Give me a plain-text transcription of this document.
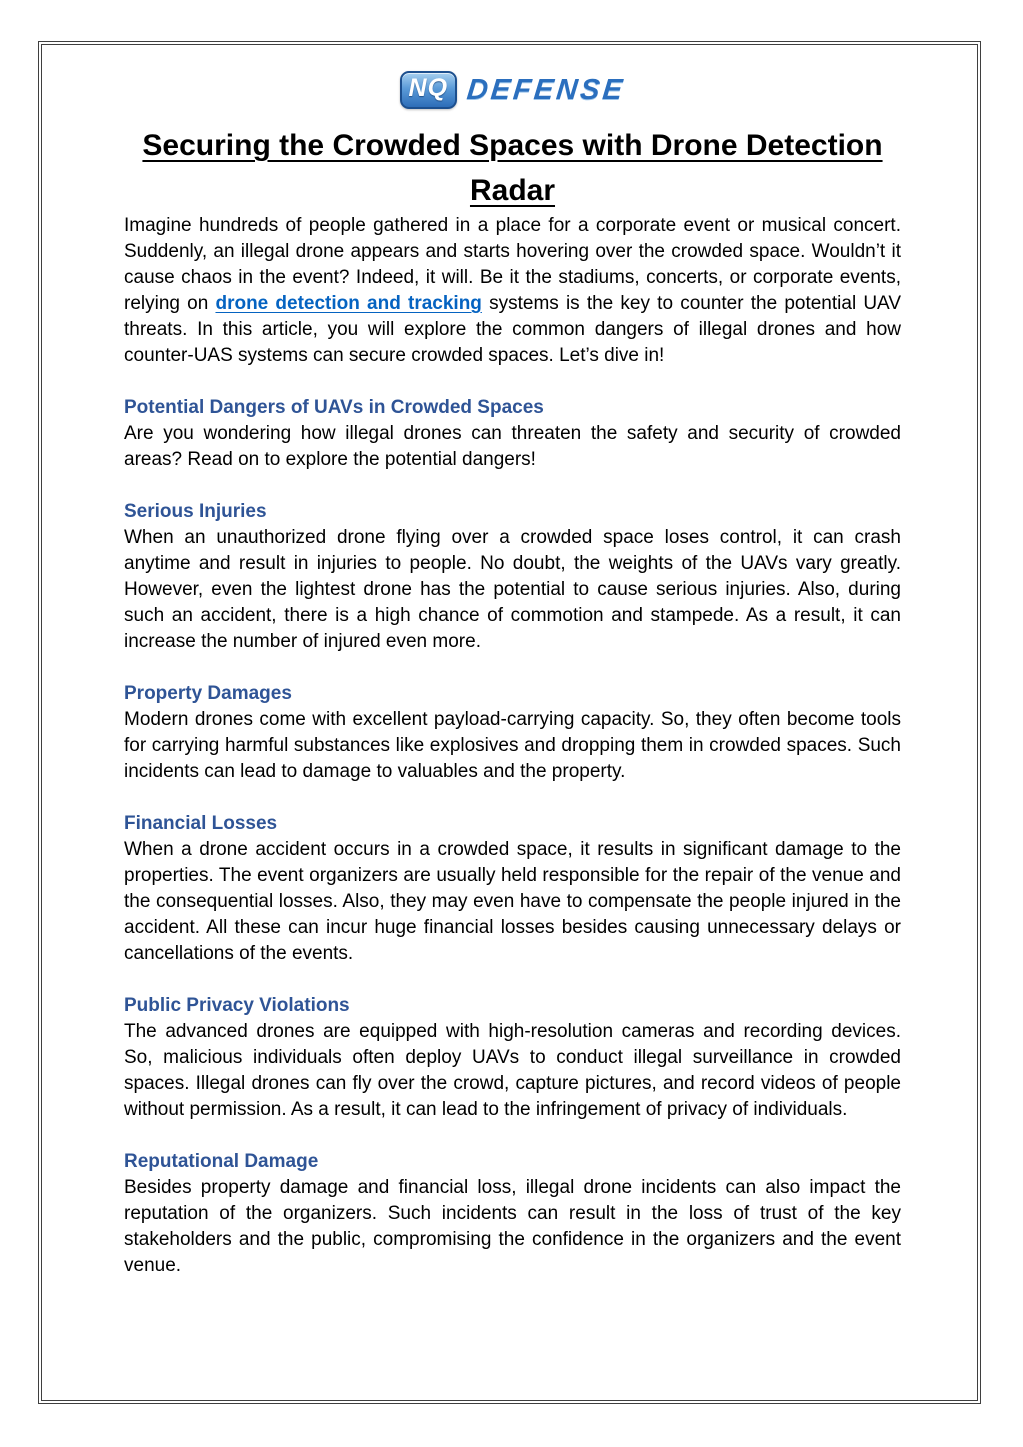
NQ DEFENSE
Securing the Crowded Spaces with Drone Detection Radar

Imagine hundreds of people gathered in a place for a corporate event or musical concert. Suddenly, an illegal drone appears and starts hovering over the crowded space. Wouldn’t it cause chaos in the event? Indeed, it will. Be it the stadiums, concerts, or corporate events, relying on drone detection and tracking systems is the key to counter the potential UAV threats. In this article, you will explore the common dangers of illegal drones and how counter-UAS systems can secure crowded spaces. Let’s dive in!

Potential Dangers of UAVs in Crowded Spaces

Are you wondering how illegal drones can threaten the safety and security of crowded areas? Read on to explore the potential dangers!

Serious Injuries

When an unauthorized drone flying over a crowded space loses control, it can crash anytime and result in injuries to people. No doubt, the weights of the UAVs vary greatly. However, even the lightest drone has the potential to cause serious injuries. Also, during such an accident, there is a high chance of commotion and stampede. As a result, it can increase the number of injured even more.

Property Damages

Modern drones come with excellent payload-carrying capacity. So, they often become tools for carrying harmful substances like explosives and dropping them in crowded spaces. Such incidents can lead to damage to valuables and the property.

Financial Losses

When a drone accident occurs in a crowded space, it results in significant damage to the properties. The event organizers are usually held responsible for the repair of the venue and the consequential losses. Also, they may even have to compensate the people injured in the accident. All these can incur huge financial losses besides causing unnecessary delays or cancellations of the events.

Public Privacy Violations

The advanced drones are equipped with high-resolution cameras and recording devices. So, malicious individuals often deploy UAVs to conduct illegal surveillance in crowded spaces. Illegal drones can fly over the crowd, capture pictures, and record videos of people without permission. As a result, it can lead to the infringement of privacy of individuals.

Reputational Damage

Besides property damage and financial loss, illegal drone incidents can also impact the reputation of the organizers. Such incidents can result in the loss of trust of the key stakeholders and the public, compromising the confidence in the organizers and the event venue.
